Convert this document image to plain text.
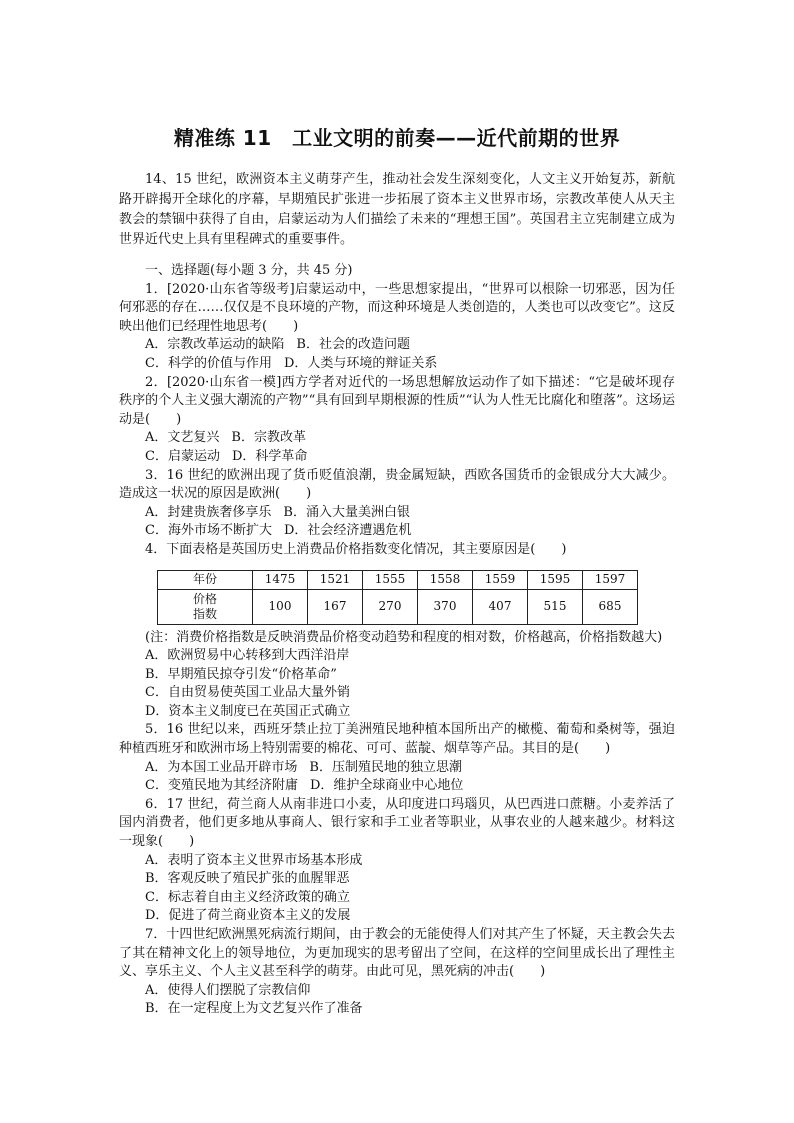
精准练 11　工业文明的前奏——近代前期的世界
14、15 世纪，欧洲资本主义萌芽产生，推动社会发生深刻变化，人文主义开始复苏，新航路开辟揭开全球化的序幕，早期殖民扩张进一步拓展了资本主义世界市场，宗教改革使人从天主教会的禁锢中获得了自由，启蒙运动为人们描绘了未来的“理想王国”。英国君主立宪制建立成为世界近代史上具有里程碑式的重要事件。
一、选择题(每小题 3 分，共 45 分)
1．[2020·山东省等级考]启蒙运动中，一些思想家提出，“世界可以根除一切邪恶，因为任何邪恶的存在……仅仅是不良环境的产物，而这种环境是人类创造的，人类也可以改变它”。这反映出他们已经理性地思考(　　)
A．宗教改革运动的缺陷 B．社会的改造问题
C．科学的价值与作用 D．人类与环境的辩证关系
2．[2020·山东省一模]西方学者对近代的一场思想解放运动作了如下描述：“它是破坏现存秩序的个人主义强大潮流的产物”“具有回到早期根源的性质”“认为人性无比腐化和堕落”。这场运动是(　　)
A．文艺复兴 B．宗教改革
C．启蒙运动 D．科学革命
3．16 世纪的欧洲出现了货币贬值浪潮，贵金属短缺，西欧各国货币的金银成分大大减少。造成这一状况的原因是欧洲(　　)
A．封建贵族奢侈享乐 B．涌入大量美洲白银
C．海外市场不断扩大 D．社会经济遭遇危机
4．下面表格是英国历史上消费品价格指数变化情况，其主要原因是(　　)
年份	1475	1521	1555	1558	1559	1595	1597

价格
指数	100	167	270	370	407	515	685
(注：消费价格指数是反映消费品价格变动趋势和程度的相对数，价格越高，价格指数越大)
A．欧洲贸易中心转移到大西洋沿岸
B．早期殖民掠夺引发“价格革命”
C．自由贸易使英国工业品大量外销
D．资本主义制度已在英国正式确立
5．16 世纪以来，西班牙禁止拉丁美洲殖民地种植本国所出产的橄榄、葡萄和桑树等，强迫种植西班牙和欧洲市场上特别需要的棉花、可可、蓝靛、烟草等产品。其目的是(　　)
A．为本国工业品开辟市场 B．压制殖民地的独立思潮
C．变殖民地为其经济附庸 D．维护全球商业中心地位
6．17 世纪，荷兰商人从南非进口小麦，从印度进口玛瑙贝，从巴西进口蔗糖。小麦养活了国内消费者，他们更多地从事商人、银行家和手工业者等职业，从事农业的人越来越少。材料这一现象(　　)
A．表明了资本主义世界市场基本形成
B．客观反映了殖民扩张的血腥罪恶
C．标志着自由主义经济政策的确立
D．促进了荷兰商业资本主义的发展
7．十四世纪欧洲黑死病流行期间，由于教会的无能使得人们对其产生了怀疑，天主教会失去了其在精神文化上的领导地位，为更加现实的思考留出了空间，在这样的空间里成长出了理性主义、享乐主义、个人主义甚至科学的萌芽。由此可见，黑死病的冲击(　　)
A．使得人们摆脱了宗教信仰
B．在一定程度上为文艺复兴作了准备
